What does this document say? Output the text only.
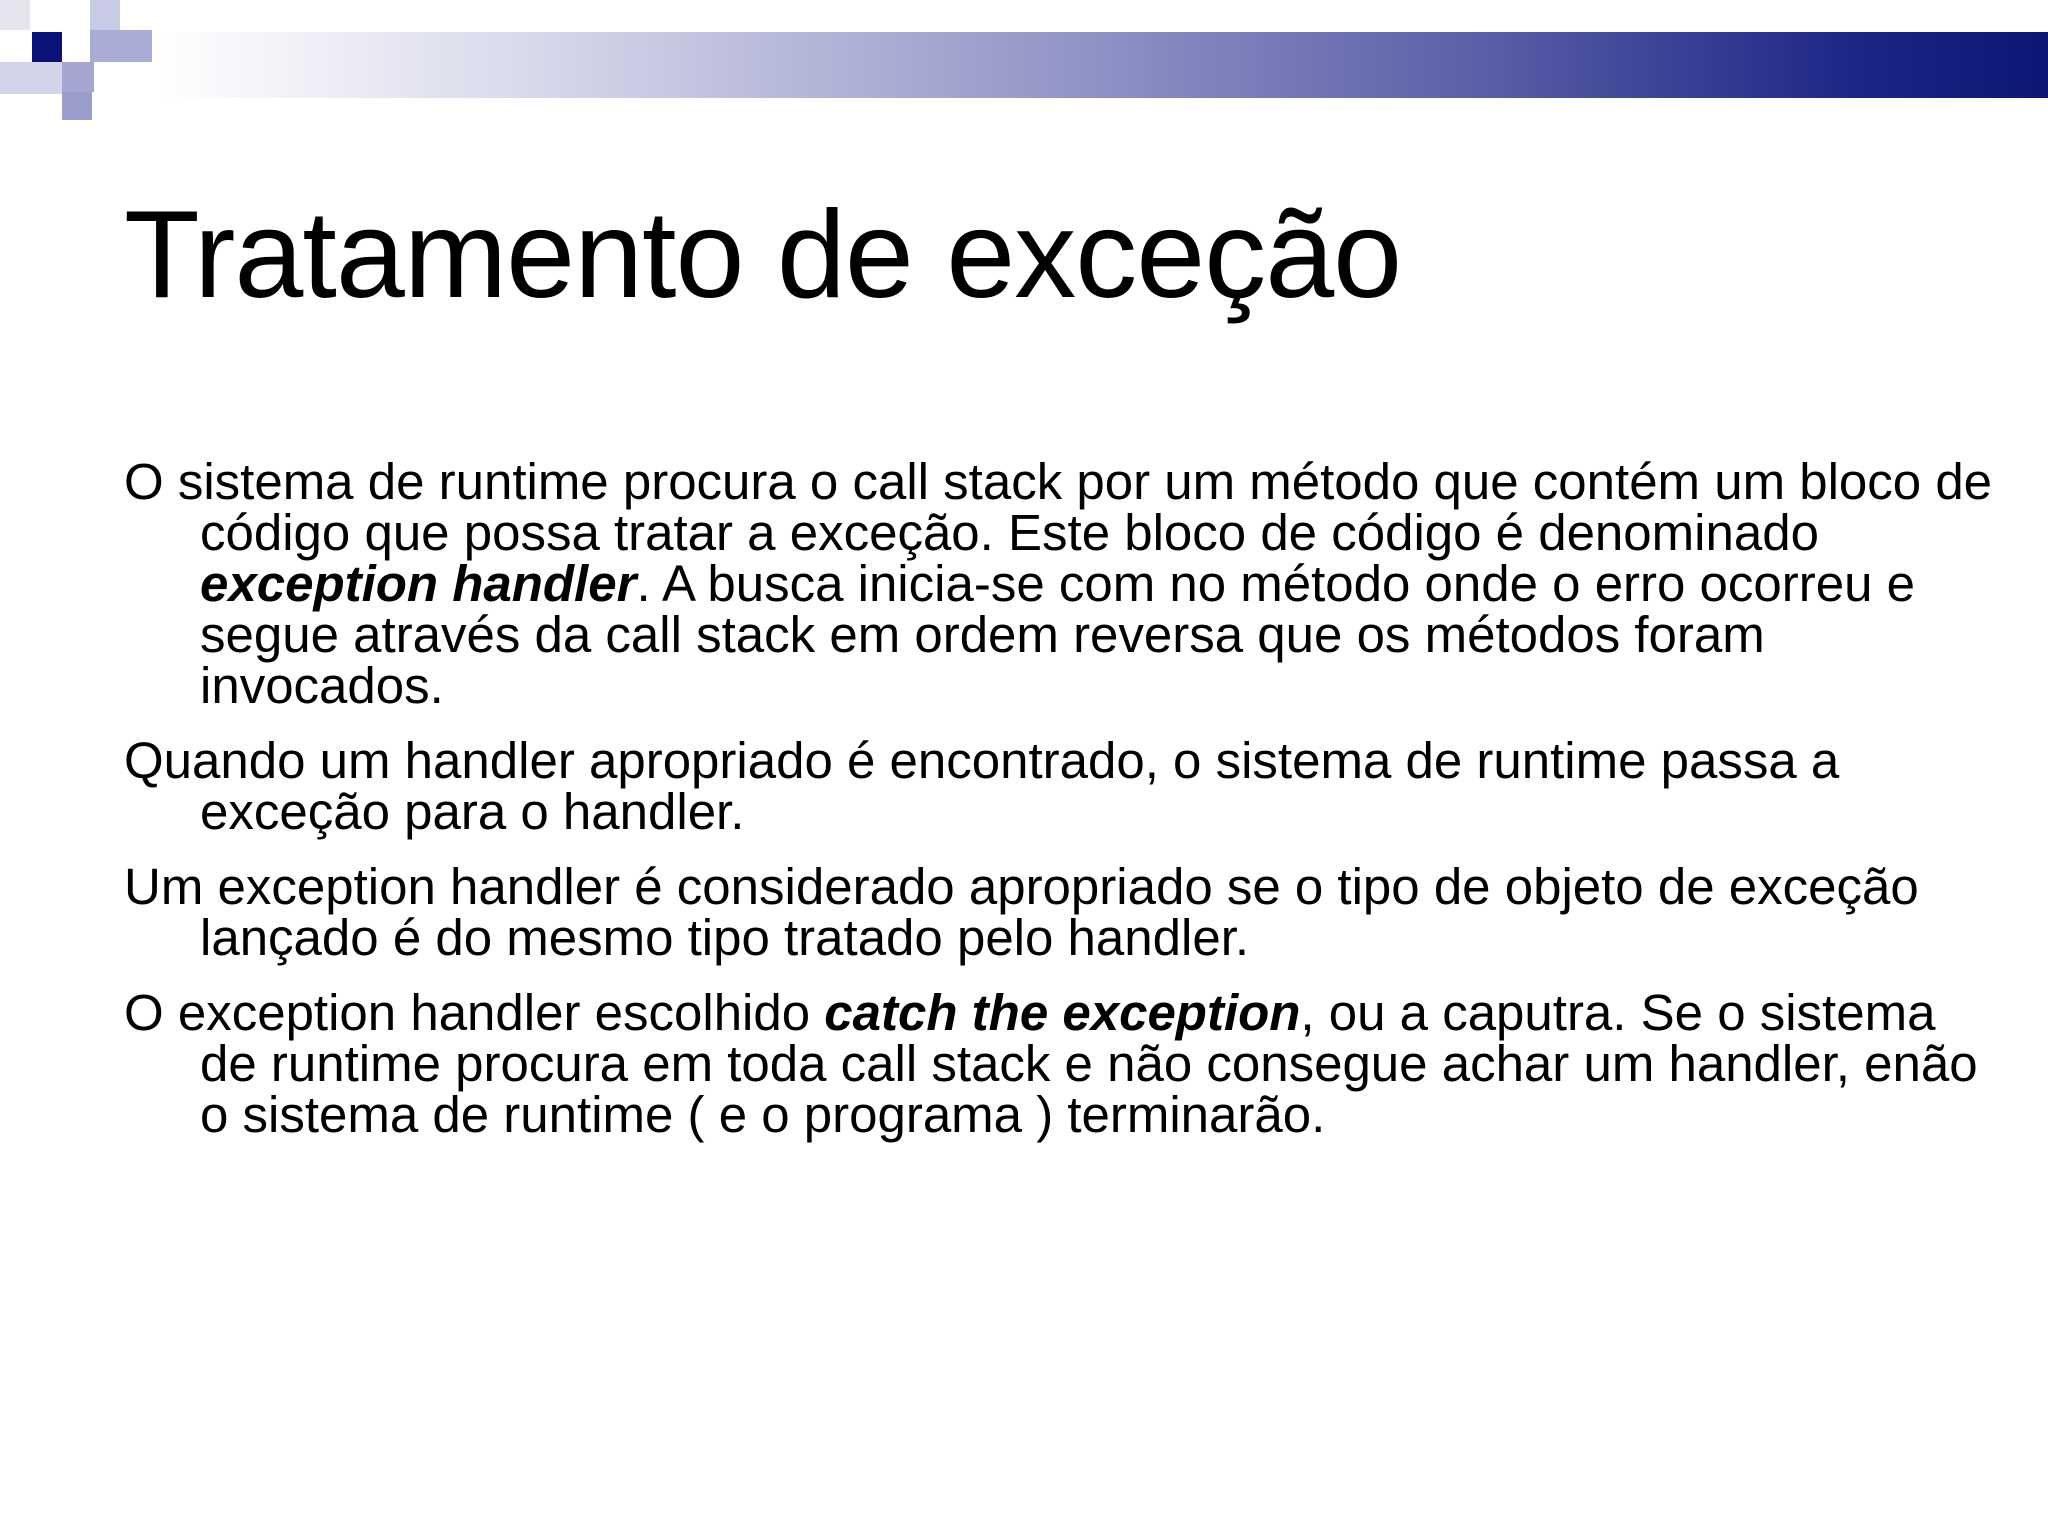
Tratamento de exceção

O sistema de runtime procura o call stack por um método que contém um bloco de código que possa tratar a exceção. Este bloco de código é denominado exception handler. A busca inicia-se com no método onde o erro ocorreu e segue através da call stack em ordem reversa que os métodos foram invocados.

Quando um handler apropriado é encontrado, o sistema de runtime passa a exceção para o handler.

Um exception handler é considerado apropriado se o tipo de objeto de exceção lançado é do mesmo tipo tratado pelo handler.

O exception handler escolhido catch the exception, ou a caputra. Se o sistema de runtime procura em toda call stack e não consegue achar um handler, enão o sistema de runtime ( e o programa ) terminarão.
